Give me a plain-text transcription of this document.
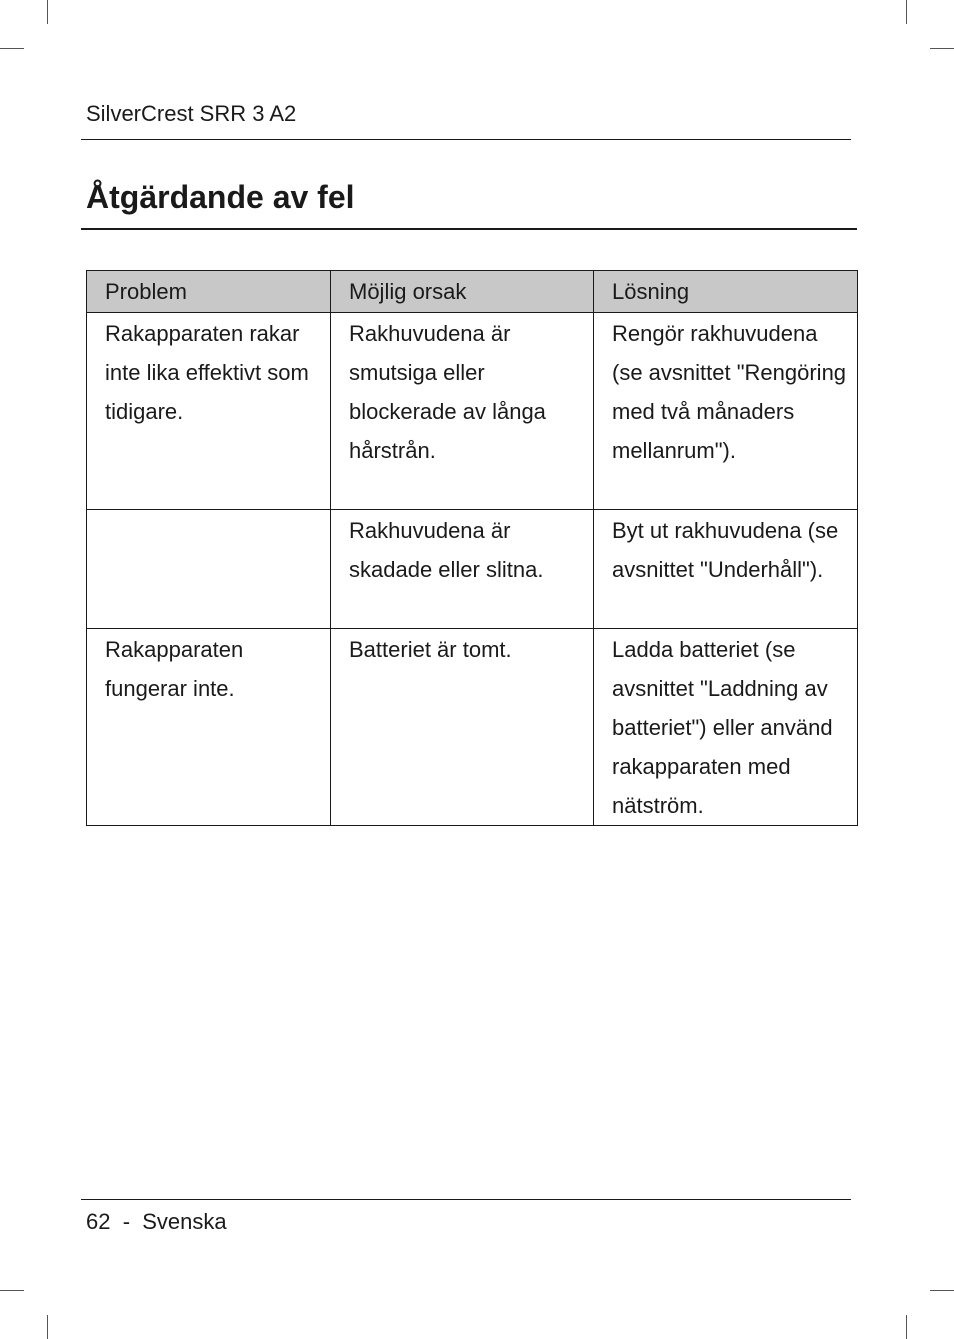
SilverCrest SRR 3 A2
Åtgärdande av fel
Problem	Möjlig orsak	Lösning
Rakapparaten rakar inte lika effektivt som tidigare.	Rakhuvudena är smutsiga eller blockerade av långa hårstrån.	Rengör rakhuvudena (se avsnittet "Rengöring med två månaders mellanrum").
	Rakhuvudena är skadade eller slitna.	Byt ut rakhuvudena (se avsnittet "Underhåll").
Rakapparaten fungerar inte.	Batteriet är tomt.	Ladda batteriet (se avsnittet "Laddning av batteriet") eller använd rakapparaten med nätström.
62  -  Svenska
